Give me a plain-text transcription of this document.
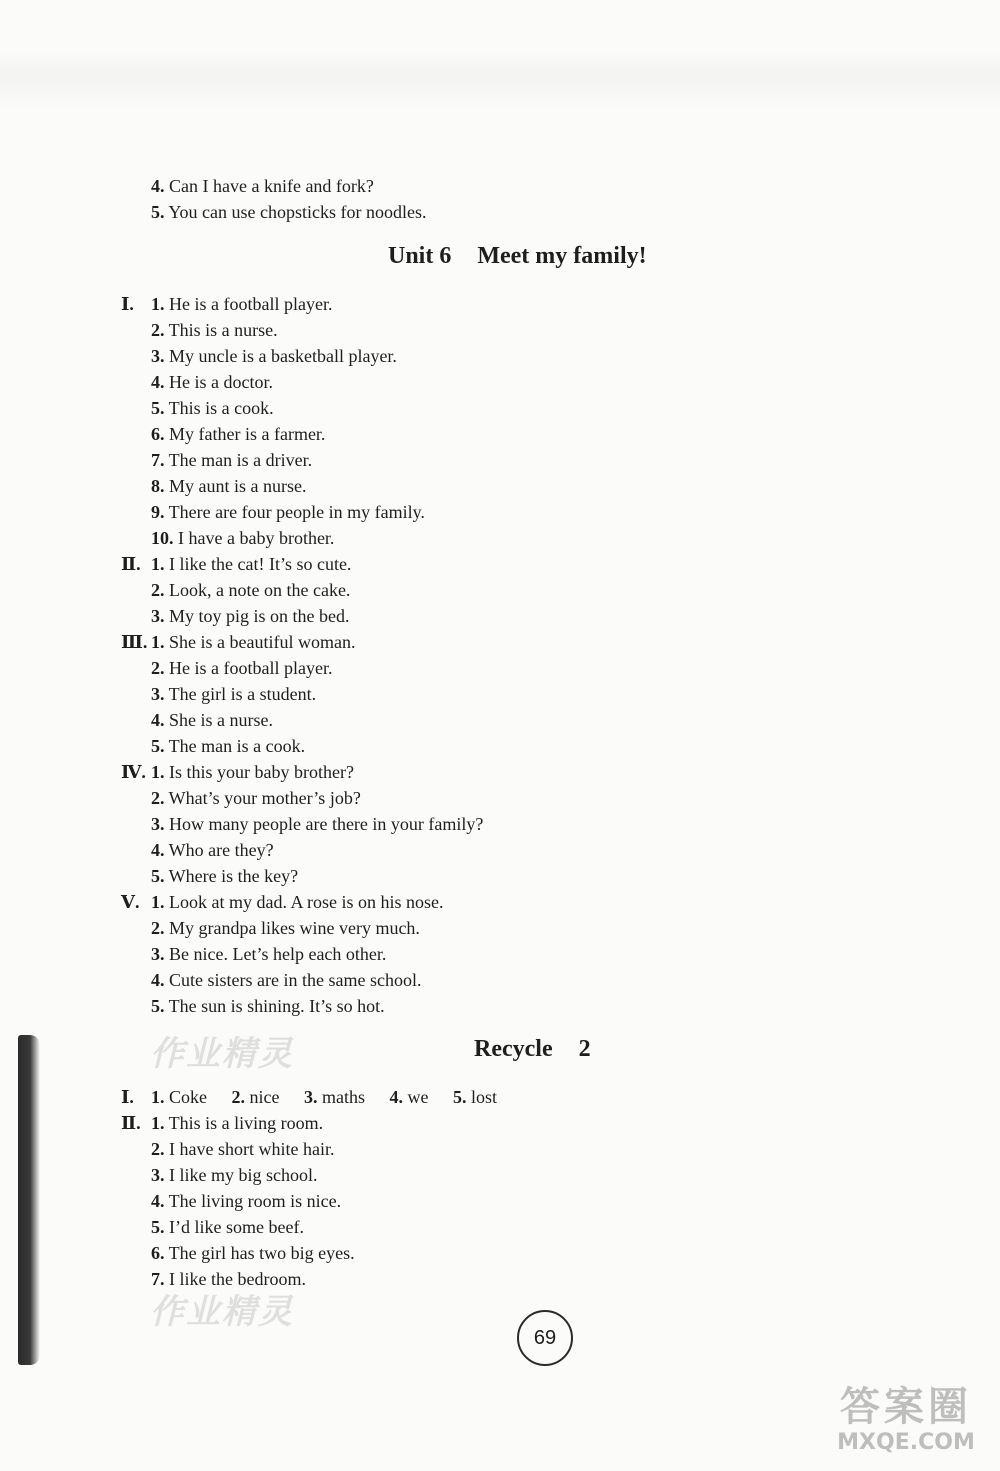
4. Can I have a knife and fork?
5. You can use chopsticks for noodles.
Unit 6 Meet my family!
Ⅰ. 1. He is a football player.
2. This is a nurse.
3. My uncle is a basketball player.
4. He is a doctor.
5. This is a cook.
6. My father is a farmer.
7. The man is a driver.
8. My aunt is a nurse.
9. There are four people in my family.
10. I have a baby brother.
Ⅱ. 1. I like the cat! It’s so cute.
2. Look, a note on the cake.
3. My toy pig is on the bed.
Ⅲ. 1. She is a beautiful woman.
2. He is a football player.
3. The girl is a student.
4. She is a nurse.
5. The man is a cook.
Ⅳ. 1. Is this your baby brother?
2. What’s your mother’s job?
3. How many people are there in your family?
4. Who are they?
5. Where is the key?
Ⅴ. 1. Look at my dad. A rose is on his nose.
2. My grandpa likes wine very much.
3. Be nice. Let’s help each other.
4. Cute sisters are in the same school.
5. The sun is shining. It’s so hot.
作业精灵	Recycle 2
Ⅰ. 1. Coke 2. nice 3. maths 4. we 5. lost
Ⅱ. 1. This is a living room.
2. I have short white hair.
3. I like my big school.
4. The living room is nice.
5. I’d like some beef.
6. The girl has two big eyes.
7. I like the bedroom.
作业精灵
69
答案圈
MXQE.COM
